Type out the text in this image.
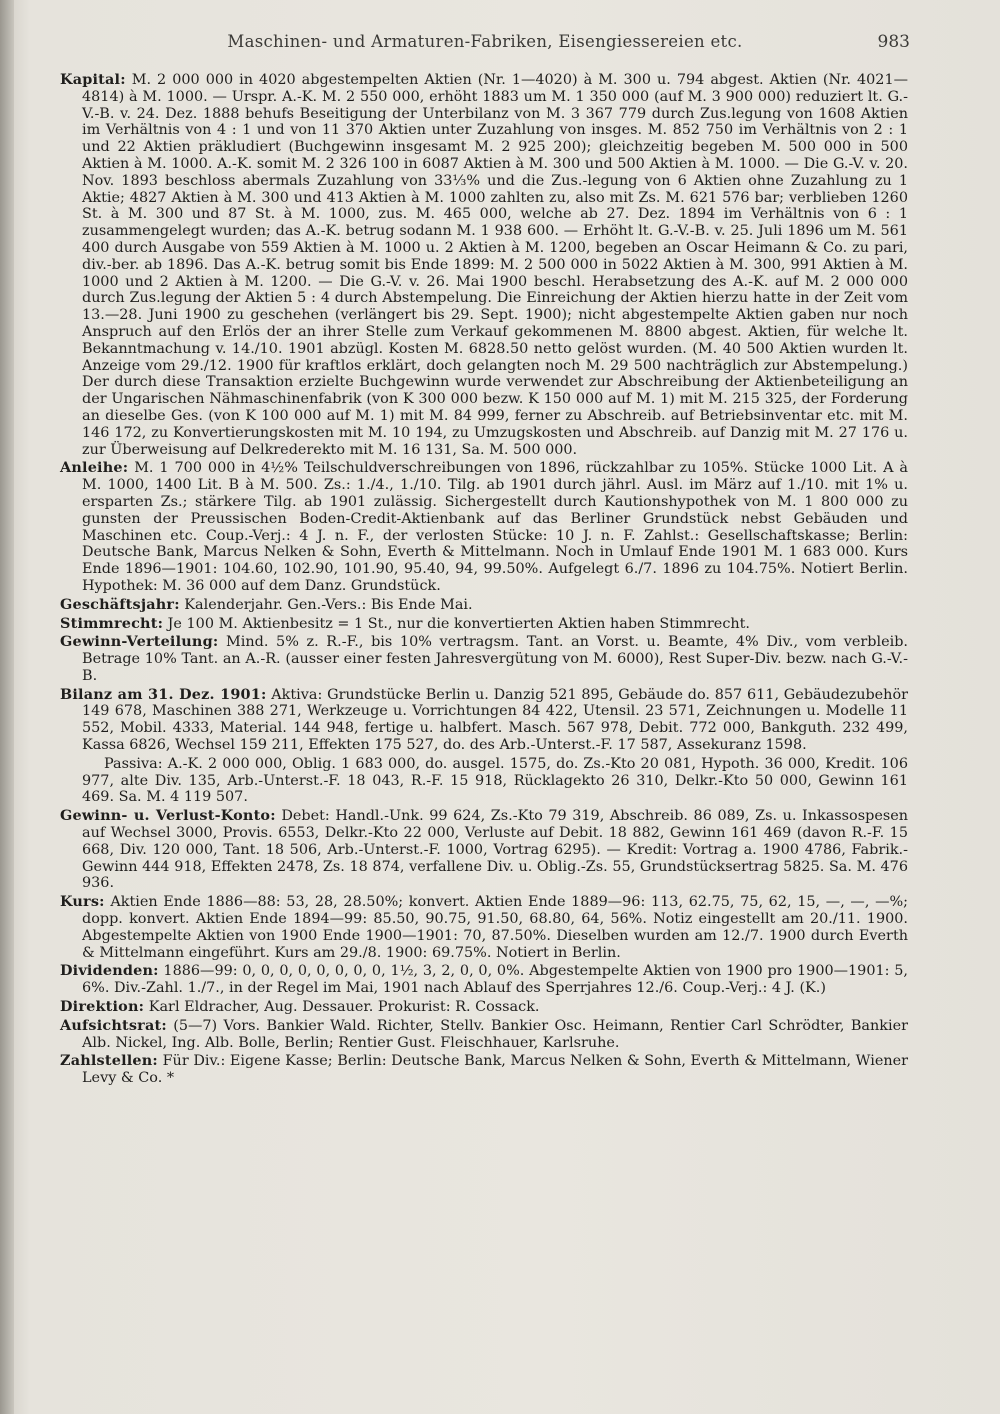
Maschinen- und Armaturen-Fabriken, Eisengiessereien etc.	983

Kapital: M. 2 000 000 in 4020 abgestempelten Aktien (Nr. 1—4020) à M. 300 u. 794 abgest. Aktien (Nr. 4021—4814) à M. 1000. — Urspr. A.-K. M. 2 550 000, erhöht 1883 um M. 1 350 000 (auf M. 3 900 000) reduziert lt. G.-V.-B. v. 24. Dez. 1888 behufs Beseitigung der Unterbilanz von M. 3 367 779 durch Zus.legung von 1608 Aktien im Verhältnis von 4 : 1 und von 11 370 Aktien unter Zuzahlung von insges. M. 852 750 im Verhältnis von 2 : 1 und 22 Aktien präkludiert (Buchgewinn insgesamt M. 2 925 200); gleichzeitig begeben M. 500 000 in 500 Aktien à M. 1000. A.-K. somit M. 2 326 100 in 6087 Aktien à M. 300 und 500 Aktien à M. 1000. — Die G.-V. v. 20. Nov. 1893 beschloss abermals Zuzahlung von 33⅓% und die Zus.-legung von 6 Aktien ohne Zuzahlung zu 1 Aktie; 4827 Aktien à M. 300 und 413 Aktien à M. 1000 zahlten zu, also mit Zs. M. 621 576 bar; verblieben 1260 St. à M. 300 und 87 St. à M. 1000, zus. M. 465 000, welche ab 27. Dez. 1894 im Verhältnis von 6 : 1 zusammengelegt wurden; das A.-K. betrug sodann M. 1 938 600. — Erhöht lt. G.-V.-B. v. 25. Juli 1896 um M. 561 400 durch Ausgabe von 559 Aktien à M. 1000 u. 2 Aktien à M. 1200, begeben an Oscar Heimann & Co. zu pari, div.-ber. ab 1896. Das A.-K. betrug somit bis Ende 1899: M. 2 500 000 in 5022 Aktien à M. 300, 991 Aktien à M. 1000 und 2 Aktien à M. 1200. — Die G.-V. v. 26. Mai 1900 beschl. Herabsetzung des A.-K. auf M. 2 000 000 durch Zus.legung der Aktien 5 : 4 durch Abstempelung. Die Einreichung der Aktien hierzu hatte in der Zeit vom 13.—28. Juni 1900 zu geschehen (verlängert bis 29. Sept. 1900); nicht abgestempelte Aktien gaben nur noch Anspruch auf den Erlös der an ihrer Stelle zum Verkauf gekommenen M. 8800 abgest. Aktien, für welche lt. Bekanntmachung v. 14./10. 1901 abzügl. Kosten M. 6828.50 netto gelöst wurden. (M. 40 500 Aktien wurden lt. Anzeige vom 29./12. 1900 für kraftlos erklärt, doch gelangten noch M. 29 500 nachträglich zur Abstempelung.) Der durch diese Transaktion erzielte Buchgewinn wurde verwendet zur Abschreibung der Aktienbeteiligung an der Ungarischen Nähmaschinenfabrik (von K 300 000 bezw. K 150 000 auf M. 1) mit M. 215 325, der Forderung an dieselbe Ges. (von K 100 000 auf M. 1) mit M. 84 999, ferner zu Abschreib. auf Betriebsinventar etc. mit M. 146 172, zu Konvertierungskosten mit M. 10 194, zu Umzugskosten und Abschreib. auf Danzig mit M. 27 176 u. zur Überweisung auf Delkrederekto mit M. 16 131, Sa. M. 500 000.

Anleihe: M. 1 700 000 in 4½% Teilschuldverschreibungen von 1896, rückzahlbar zu 105%. Stücke 1000 Lit. A à M. 1000, 1400 Lit. B à M. 500. Zs.: 1./4., 1./10. Tilg. ab 1901 durch jährl. Ausl. im März auf 1./10. mit 1% u. ersparten Zs.; stärkere Tilg. ab 1901 zulässig. Sichergestellt durch Kautionshypothek von M. 1 800 000 zu gunsten der Preussischen Boden-Credit-Aktienbank auf das Berliner Grundstück nebst Gebäuden und Maschinen etc. Coup.-Verj.: 4 J. n. F., der verlosten Stücke: 10 J. n. F. Zahlst.: Gesellschaftskasse; Berlin: Deutsche Bank, Marcus Nelken & Sohn, Everth & Mittelmann. Noch in Umlauf Ende 1901 M. 1 683 000. Kurs Ende 1896—1901: 104.60, 102.90, 101.90, 95.40, 94, 99.50%. Aufgelegt 6./7. 1896 zu 104.75%. Notiert Berlin. Hypothek: M. 36 000 auf dem Danz. Grundstück.

Geschäftsjahr: Kalenderjahr. Gen.-Vers.: Bis Ende Mai.

Stimmrecht: Je 100 M. Aktienbesitz = 1 St., nur die konvertierten Aktien haben Stimmrecht.

Gewinn-Verteilung: Mind. 5% z. R.-F., bis 10% vertragsm. Tant. an Vorst. u. Beamte, 4% Div., vom verbleib. Betrage 10% Tant. an A.-R. (ausser einer festen Jahresvergütung von M. 6000), Rest Super-Div. bezw. nach G.-V.-B.

Bilanz am 31. Dez. 1901: Aktiva: Grundstücke Berlin u. Danzig 521 895, Gebäude do. 857 611, Gebäudezubehör 149 678, Maschinen 388 271, Werkzeuge u. Vorrichtungen 84 422, Utensil. 23 571, Zeichnungen u. Modelle 11 552, Mobil. 4333, Material. 144 948, fertige u. halbfert. Masch. 567 978, Debit. 772 000, Bankguth. 232 499, Kassa 6826, Wechsel 159 211, Effekten 175 527, do. des Arb.-Unterst.-F. 17 587, Assekuranz 1598.

Passiva: A.-K. 2 000 000, Oblig. 1 683 000, do. ausgel. 1575, do. Zs.-Kto 20 081, Hypoth. 36 000, Kredit. 106 977, alte Div. 135, Arb.-Unterst.-F. 18 043, R.-F. 15 918, Rücklagekto 26 310, Delkr.-Kto 50 000, Gewinn 161 469. Sa. M. 4 119 507.

Gewinn- u. Verlust-Konto: Debet: Handl.-Unk. 99 624, Zs.-Kto 79 319, Abschreib. 86 089, Zs. u. Inkassospesen auf Wechsel 3000, Provis. 6553, Delkr.-Kto 22 000, Verluste auf Debit. 18 882, Gewinn 161 469 (davon R.-F. 15 668, Div. 120 000, Tant. 18 506, Arb.-Unterst.-F. 1000, Vortrag 6295). — Kredit: Vortrag a. 1900 4786, Fabrik.-Gewinn 444 918, Effekten 2478, Zs. 18 874, verfallene Div. u. Oblig.-Zs. 55, Grundstücksertrag 5825. Sa. M. 476 936.

Kurs: Aktien Ende 1886—88: 53, 28, 28.50%; konvert. Aktien Ende 1889—96: 113, 62.75, 75, 62, 15, —, —, —%; dopp. konvert. Aktien Ende 1894—99: 85.50, 90.75, 91.50, 68.80, 64, 56%. Notiz eingestellt am 20./11. 1900. Abgestempelte Aktien von 1900 Ende 1900—1901: 70, 87.50%. Dieselben wurden am 12./7. 1900 durch Everth & Mittelmann eingeführt. Kurs am 29./8. 1900: 69.75%. Notiert in Berlin.

Dividenden: 1886—99: 0, 0, 0, 0, 0, 0, 0, 0, 1½, 3, 2, 0, 0, 0%. Abgestempelte Aktien von 1900 pro 1900—1901: 5, 6%. Div.-Zahl. 1./7., in der Regel im Mai, 1901 nach Ablauf des Sperrjahres 12./6. Coup.-Verj.: 4 J. (K.)

Direktion: Karl Eldracher, Aug. Dessauer. Prokurist: R. Cossack.

Aufsichtsrat: (5—7) Vors. Bankier Wald. Richter, Stellv. Bankier Osc. Heimann, Rentier Carl Schrödter, Bankier Alb. Nickel, Ing. Alb. Bolle, Berlin; Rentier Gust. Fleischhauer, Karlsruhe.

Zahlstellen: Für Div.: Eigene Kasse; Berlin: Deutsche Bank, Marcus Nelken & Sohn, Everth & Mittelmann, Wiener Levy & Co. *
